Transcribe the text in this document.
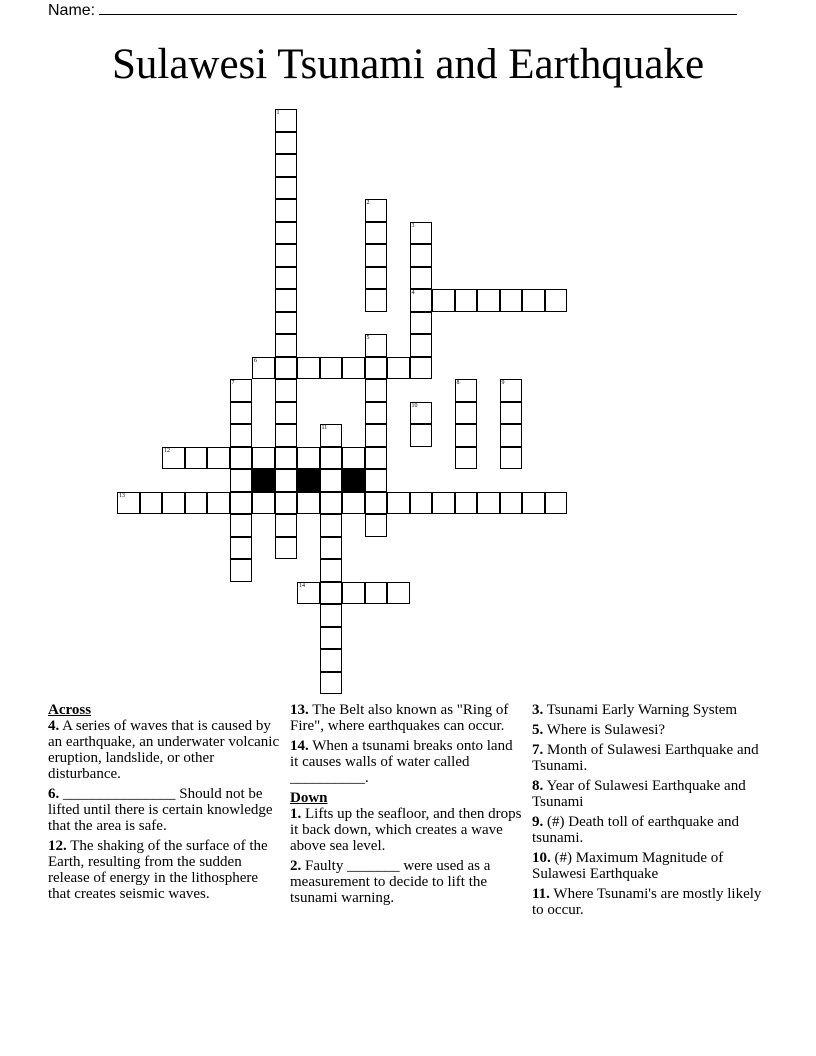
Name:
Sulawesi Tsunami and Earthquake
1
2
3
4
5
6
7	8	9
10
11
12
13
14

Across

4. A series of waves that is caused by an earthquake, an underwater volcanic eruption, landslide, or other disturbance.

6. _______________ Should not be lifted until there is certain knowledge that the area is safe.

12. The shaking of the surface of the Earth, resulting from the sudden release of energy in the lithosphere that creates seismic waves.

13. The Belt also known as "Ring of Fire", where earthquakes can occur.

14. When a tsunami breaks onto land it causes walls of water called __________.

Down

1. Lifts up the seafloor, and then drops it back down, which creates a wave above sea level.

2. Faulty _______ were used as a measurement to decide to lift the tsunami warning.

3. Tsunami Early Warning System

5. Where is Sulawesi?

7. Month of Sulawesi Earthquake and Tsunami.

8. Year of Sulawesi Earthquake and Tsunami

9. (#) Death toll of earthquake and tsunami.

10. (#) Maximum Magnitude of Sulawesi Earthquake

11. Where Tsunami's are mostly likely to occur.
